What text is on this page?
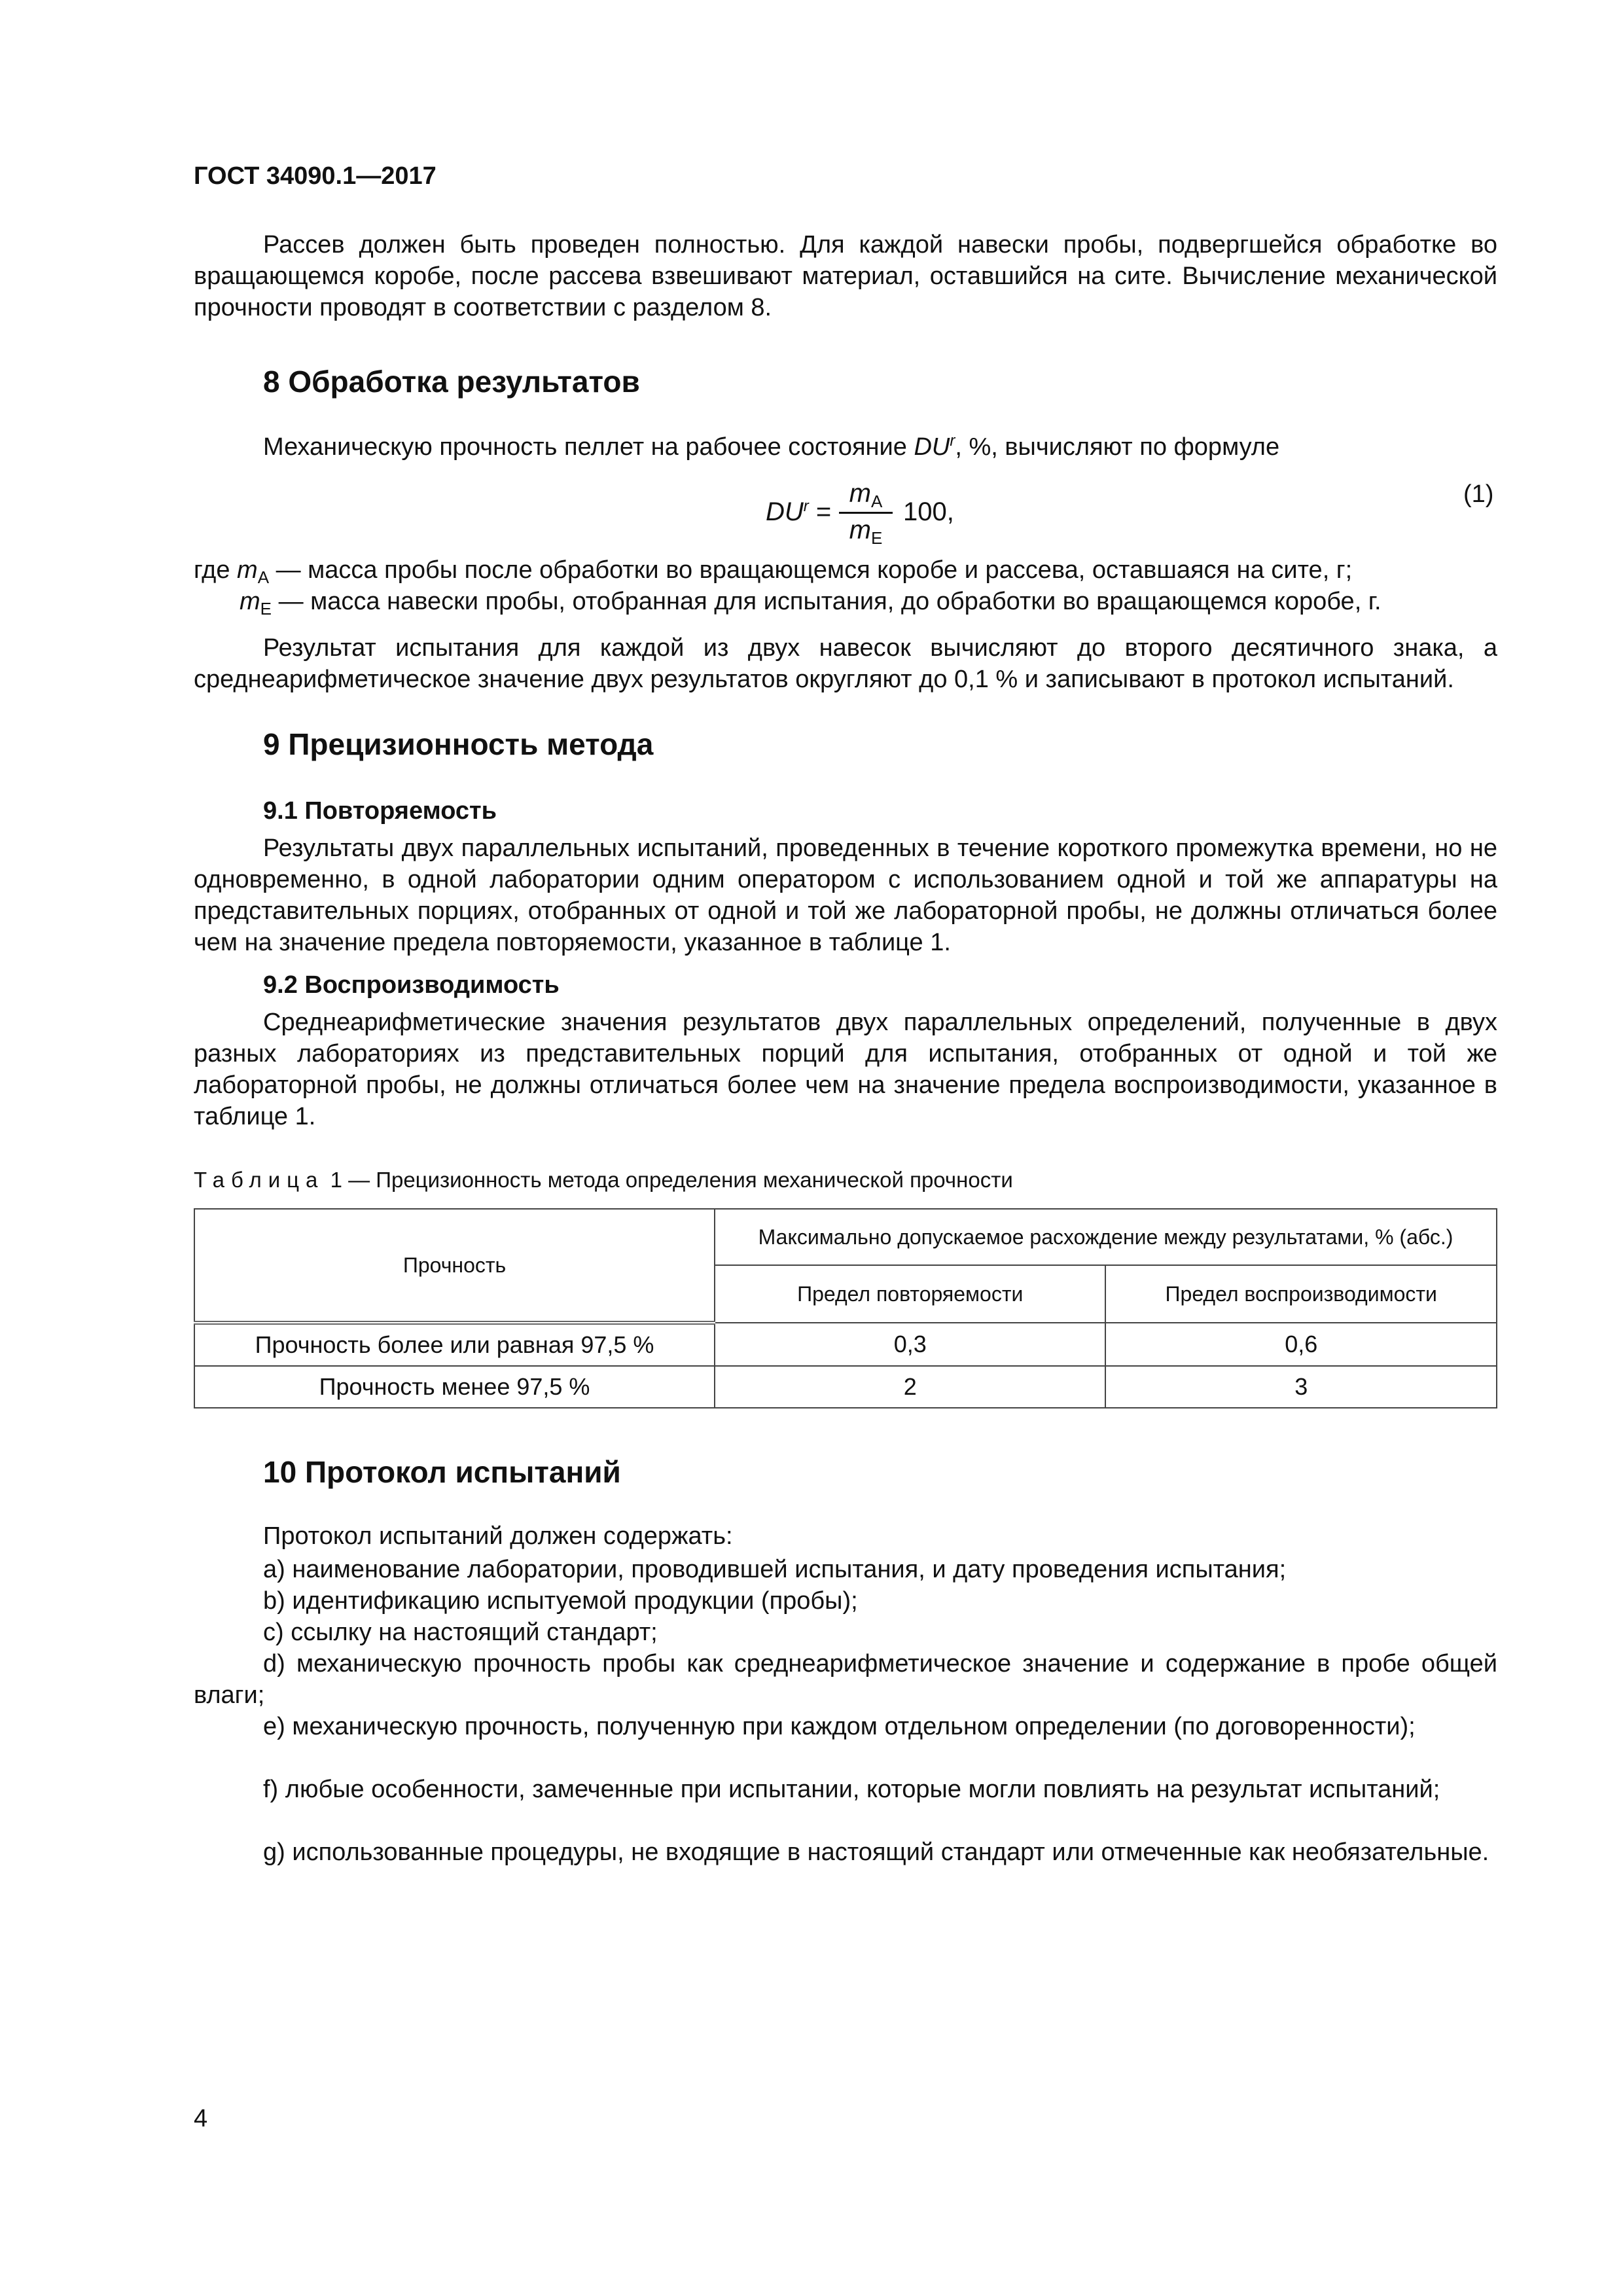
ГОСТ 34090.1—2017
Рассев должен быть проведен полностью. Для каждой навески пробы, подвергшейся обработке во вращающемся коробе, после рассева взвешивают материал, оставшийся на сите. Вычисление механической прочности проводят в соответствии с разделом 8.
8 Обработка результатов
Механическую прочность пеллет на рабочее состояние $DU^r$, %, вычисляют по формуле
$DU^r$ =
$m_A$
$m_E$
100,
(1)
где $m_A$ — масса пробы после обработки во вращающемся коробе и рассева, оставшаяся на сите, г;
$m_E$ — масса навески пробы, отобранная для испытания, до обработки во вращающемся коробе, г.
Результат испытания для каждой из двух навесок вычисляют до второго десятичного знака, а среднеарифметическое значение двух результатов округляют до 0,1 % и записывают в протокол испытаний.
9 Прецизионность метода
9.1 Повторяемость
Результаты двух параллельных испытаний, проведенных в течение короткого промежутка времени, но не одновременно, в одной лаборатории одним оператором с использованием одной и той же аппаратуры на представительных порциях, отобранных от одной и той же лабораторной пробы, не должны отличаться более чем на значение предела повторяемости, указанное в таблице 1.
9.2 Воспроизводимость
Среднеарифметические значения результатов двух параллельных определений, полученные в двух разных лабораториях из представительных порций для испытания, отобранных от одной и той же лабораторной пробы, не должны отличаться более чем на значение предела воспроизводимости, указанное в таблице 1.
Таблица 1 — Прецизионность метода определения механической прочности
Прочность	Максимально допускаемое расхождение между результатами, % (абс.)	
	Предел повторяемости	Предел воспроизводимости
Прочность более или равная 97,5 %	0,3	0,6
Прочность менее 97,5 %	2	3
10 Протокол испытаний
Протокол испытаний должен содержать:
a) наименование лаборатории, проводившей испытания, и дату проведения испытания;
b) идентификацию испытуемой продукции (пробы);
c) ссылку на настоящий стандарт;
d) механическую прочность пробы как среднеарифметическое значение и содержание в пробе общей влаги;
e) механическую прочность, полученную при каждом отдельном определении (по договоренности);
f) любые особенности, замеченные при испытании, которые могли повлиять на результат испытаний;
g) использованные процедуры, не входящие в настоящий стандарт или отмеченные как необязательные.
4
